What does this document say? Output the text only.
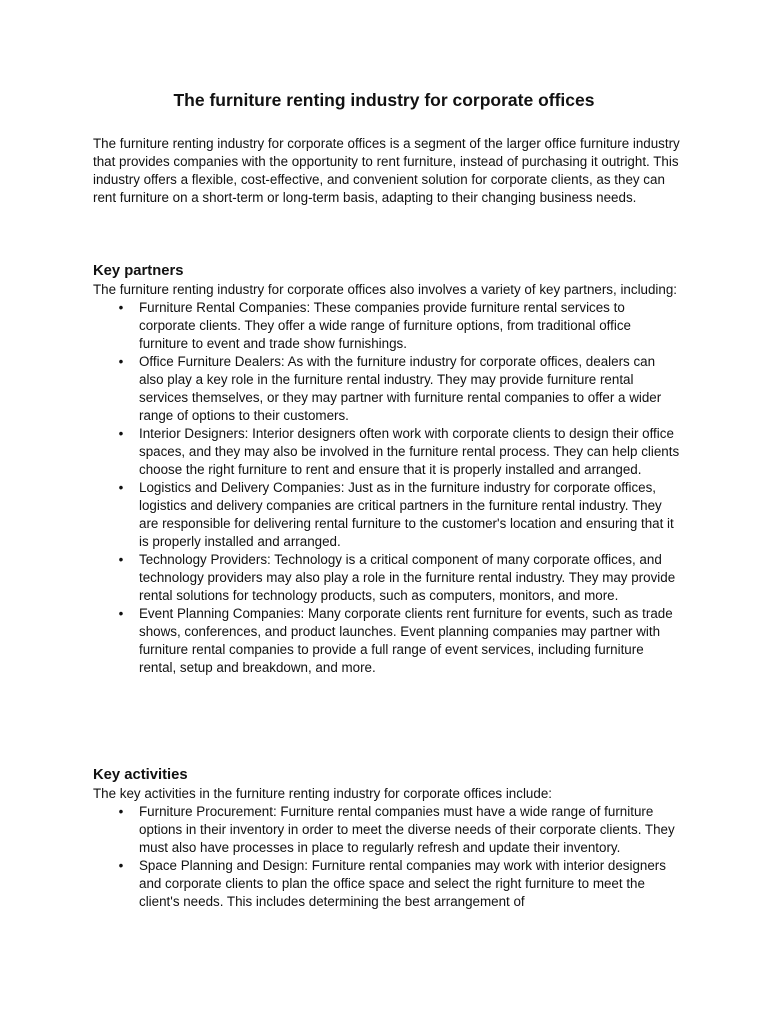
The furniture renting industry for corporate offices

The furniture renting industry for corporate offices is a segment of the larger office furniture industry that provides companies with the opportunity to rent furniture, instead of purchasing it outright. This industry offers a flexible, cost-effective, and convenient solution for corporate clients, as they can rent furniture on a short-term or long-term basis, adapting to their changing business needs.

Key partners

The furniture renting industry for corporate offices also involves a variety of key partners, including:

• Furniture Rental Companies: These companies provide furniture rental services to corporate clients. They offer a wide range of furniture options, from traditional office furniture to event and trade show furnishings.
• Office Furniture Dealers: As with the furniture industry for corporate offices, dealers can also play a key role in the furniture rental industry. They may provide furniture rental services themselves, or they may partner with furniture rental companies to offer a wider range of options to their customers.
• Interior Designers: Interior designers often work with corporate clients to design their office spaces, and they may also be involved in the furniture rental process. They can help clients choose the right furniture to rent and ensure that it is properly installed and arranged.
• Logistics and Delivery Companies: Just as in the furniture industry for corporate offices, logistics and delivery companies are critical partners in the furniture rental industry. They are responsible for delivering rental furniture to the customer's location and ensuring that it is properly installed and arranged.
• Technology Providers: Technology is a critical component of many corporate offices, and technology providers may also play a role in the furniture rental industry. They may provide rental solutions for technology products, such as computers, monitors, and more.
• Event Planning Companies: Many corporate clients rent furniture for events, such as trade shows, conferences, and product launches. Event planning companies may partner with furniture rental companies to provide a full range of event services, including furniture rental, setup and breakdown, and more.
Key activities

The key activities in the furniture renting industry for corporate offices include:

• Furniture Procurement: Furniture rental companies must have a wide range of furniture options in their inventory in order to meet the diverse needs of their corporate clients. They must also have processes in place to regularly refresh and update their inventory.
• Space Planning and Design: Furniture rental companies may work with interior designers and corporate clients to plan the office space and select the right furniture to meet the client's needs. This includes determining the best arrangement of
